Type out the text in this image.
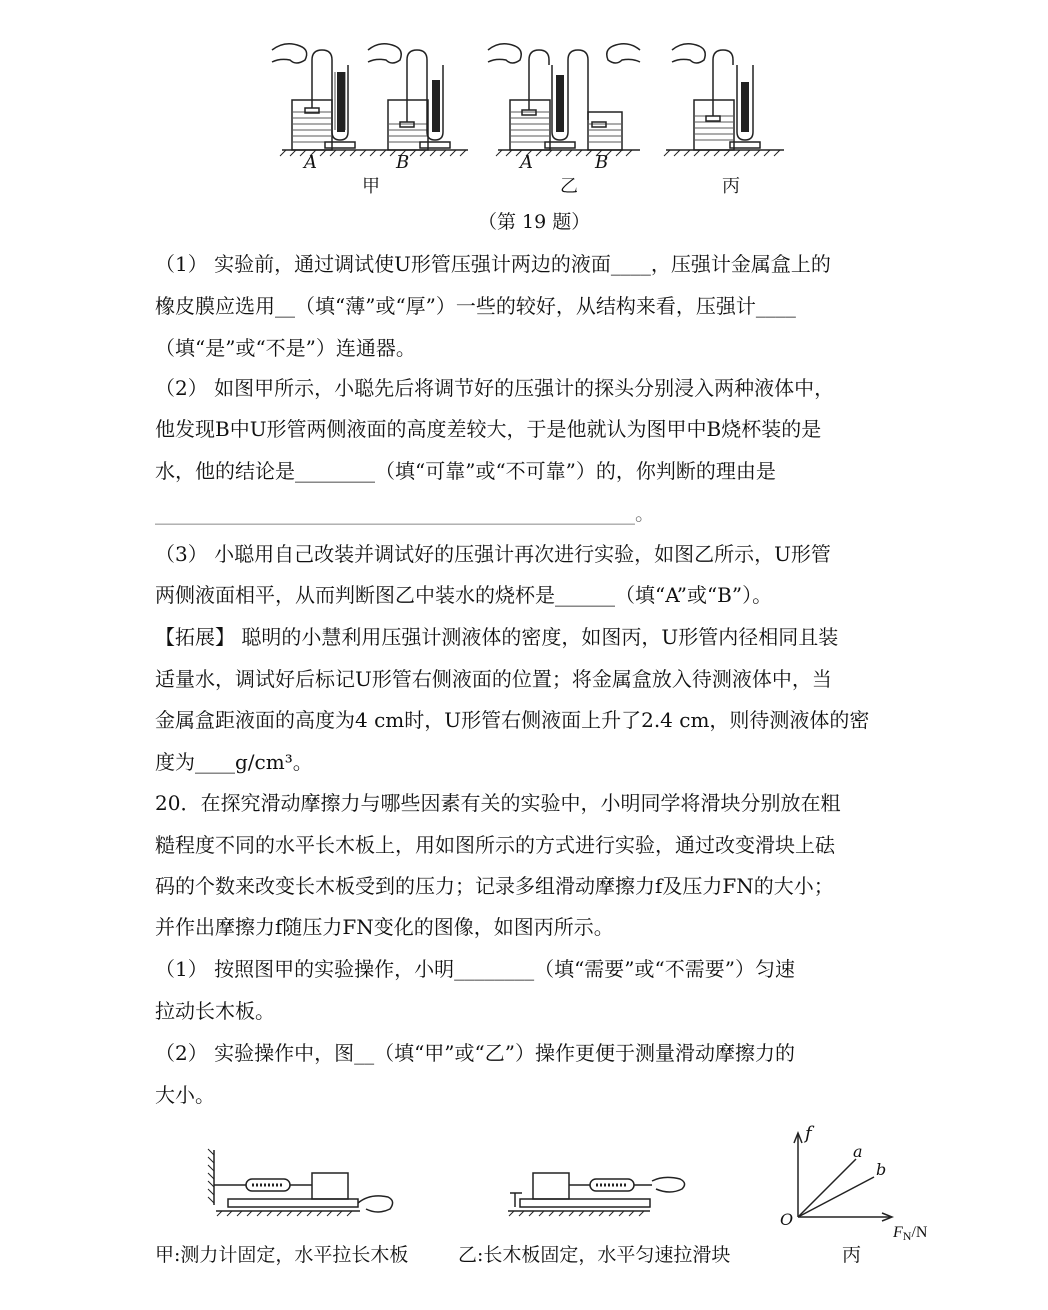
A	B	A	B
甲	乙	丙
（第 19 题）
（1） 实验前，通过调试使U形管压强计两边的液面____，压强计金属盒上的
橡皮膜应选用__（填“薄”或“厚”）一些的较好，从结构来看，压强计____
（填“是”或“不是”）连通器。
（2） 如图甲所示，小聪先后将调节好的压强计的探头分别浸入两种液体中，
他发现B中U形管两侧液面的高度差较大，于是他就认为图甲中B烧杯装的是
水，他的结论是________（填“可靠”或“不可靠”）的，你判断的理由是
________________________________________________。
（3） 小聪用自己改装并调试好的压强计再次进行实验，如图乙所示，U形管
两侧液面相平，从而判断图乙中装水的烧杯是______（填“A”或“B”）。
【拓展】 聪明的小慧利用压强计测液体的密度，如图丙，U形管内径相同且装
适量水，调试好后标记U形管右侧液面的位置；将金属盒放入待测液体中，当
金属盒距液面的高度为4 cm时，U形管右侧液面上升了2.4 cm，则待测液体的密
度为____g/cm³。
20．在探究滑动摩擦力与哪些因素有关的实验中，小明同学将滑块分别放在粗
糙程度不同的水平长木板上，用如图所示的方式进行实验，通过改变滑块上砝
码的个数来改变长木板受到的压力；记录多组滑动摩擦力f及压力FN的大小；
并作出摩擦力f随压力FN变化的图像，如图丙所示。
（1） 按照图甲的实验操作，小明________（填“需要”或“不需要”）匀速
拉动长木板。
（2） 实验操作中，图__（填“甲”或“乙”）操作更便于测量滑动摩擦力的
大小。
f
a
b
O
$F_N/N$
甲:测力计固定，水平拉长木板	乙:长木板固定，水平匀速拉滑块	丙
